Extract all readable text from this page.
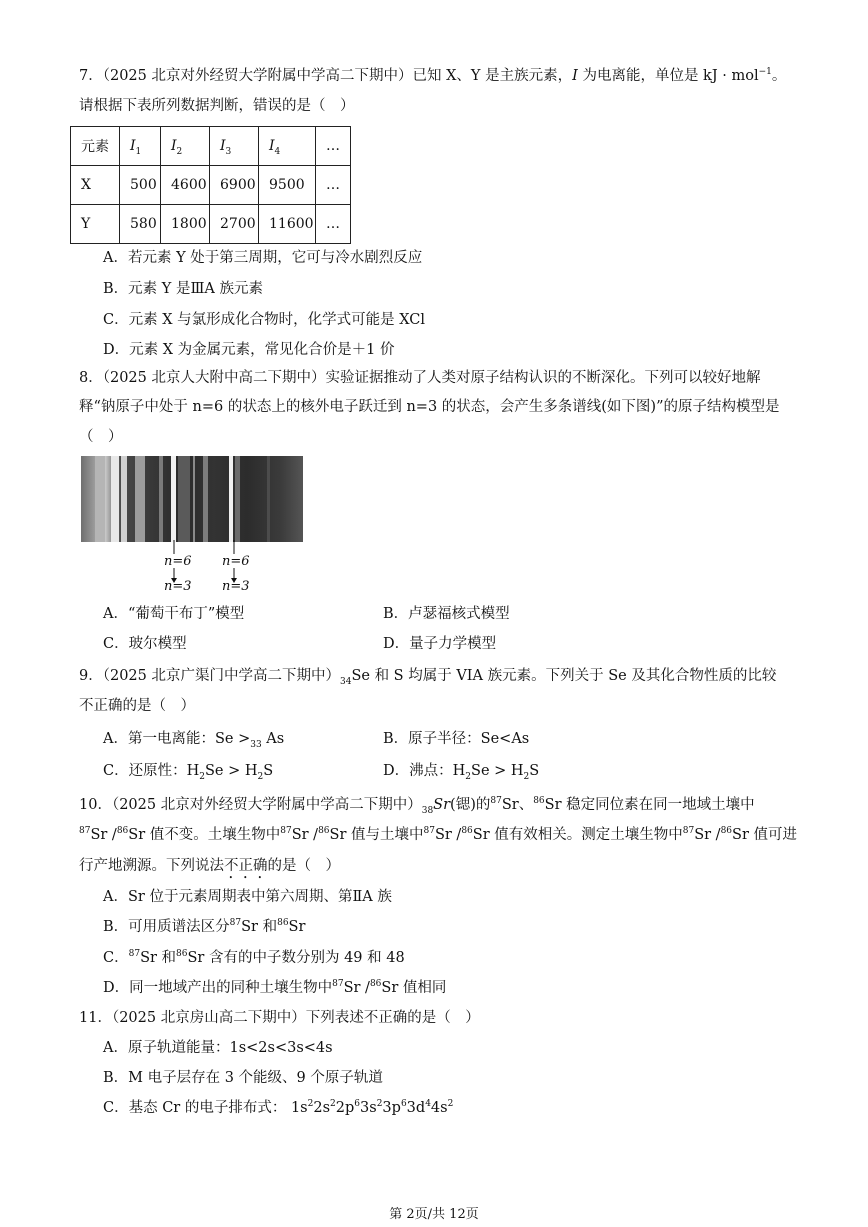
7．（2025 北京对外经贸大学附属中学高二下期中）已知 X、Y 是主族元素，I 为电离能，单位是 kJ · mol$^{-1}$。
请根据下表所列数据判断，错误的是（　）
元素	$I_1$	$I_2$	$I_3$	$I_4$	…
X	500	4600	6900	9500	…
Y	580	1800	2700	11600	…
A．若元素 Y 处于第三周期，它可与冷水剧烈反应
B．元素 Y 是ⅢA 族元素
C．元素 X 与氯形成化合物时，化学式可能是 XCl
D．元素 X 为金属元素，常见化合价是＋1 价
8．（2025 北京人大附中高二下期中）实验证据推动了人类对原子结构认识的不断深化。下列可以较好地解
释“钠原子中处于 n=6 的状态上的核外电子跃迁到 n=3 的状态，会产生多条谱线(如下图)”的原子结构模型是
（　）
n=6
n=3
n=6
n=3
A．“葡萄干布丁”模型	B．卢瑟福核式模型
C．玻尔模型	D．量子力学模型
9．（2025 北京广渠门中学高二下期中）$_{34}Se$ 和 S 均属于 VIA 族元素。下列关于 Se 及其化合物性质的比较
不正确的是（　）
A．第一电离能：$Se >_{33}$ As	B．原子半径：Se<As
C．还原性：$H_2Se > H_2S$	D．沸点：$H_2Se > H_2S$
10．（2025 北京对外经贸大学附属中学高二下期中）$_{38}Sr$(锶)的$^{87}$Sr、$^{86}$Sr 稳定同位素在同一地域土壤中
$^{87}$Sr /$^{86}$Sr 值不变。土壤生物中$^{87}$Sr /$^{86}$Sr 值与土壤中$^{87}$Sr /$^{86}$Sr 值有效相关。测定土壤生物中$^{87}$Sr /$^{86}$Sr 值可进
行产地溯源。下列说法不正确的是（　）
A．Sr 位于元素周期表中第六周期、第ⅡA 族
B．可用质谱法区分$^{87}$Sr 和$^{86}$Sr
C．$^{87}$Sr 和$^{86}$Sr 含有的中子数分别为 49 和 48
D．同一地域产出的同种土壤生物中$^{87}$Sr /$^{86}$Sr 值相同
11．（2025 北京房山高二下期中）下列表述不正确的是（　）
A．原子轨道能量：1s<2s<3s<4s
B．M 电子层存在 3 个能级、9 个原子轨道
C．基态 Cr 的电子排布式： $1s^22s^22p^63s^23p^63d^44s^2$
第 2页/共 12页
